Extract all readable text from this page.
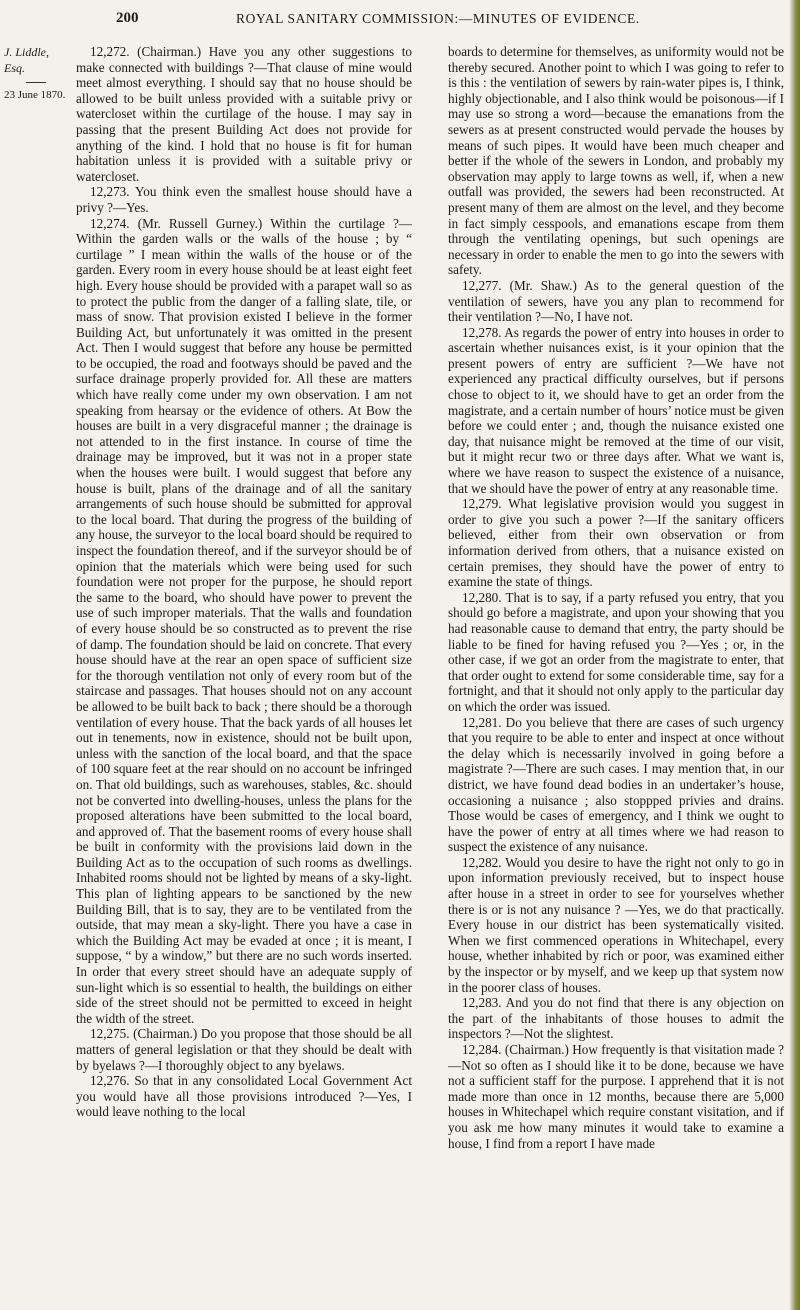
200	ROYAL SANITARY COMMISSION:—MINUTES OF EVIDENCE.
J. Liddle, Esq.
23 June 1870.

12,272. (Chairman.) Have you any other suggestions to make connected with buildings ?—That clause of mine would meet almost everything. I should say that no house should be allowed to be built unless provided with a suitable privy or watercloset within the curtilage of the house. I may say in passing that the present Building Act does not provide for anything of the kind. I hold that no house is fit for human habitation unless it is provided with a suitable privy or watercloset.

12,273. You think even the smallest house should have a privy ?—Yes.

12,274. (Mr. Russell Gurney.) Within the curtilage ?—Within the garden walls or the walls of the house ; by “ curtilage ” I mean within the walls of the house or of the garden. Every room in every house should be at least eight feet high. Every house should be provided with a parapet wall so as to protect the public from the danger of a falling slate, tile, or mass of snow. That provision existed I believe in the former Building Act, but unfortunately it was omitted in the present Act. Then I would suggest that before any house be permitted to be occupied, the road and footways should be paved and the surface drainage properly provided for. All these are matters which have really come under my own observation. I am not speaking from hearsay or the evidence of others. At Bow the houses are built in a very disgraceful manner ; the drainage is not attended to in the first instance. In course of time the drainage may be improved, but it was not in a proper state when the houses were built. I would suggest that before any house is built, plans of the drainage and of all the sanitary arrangements of such house should be submitted for approval to the local board. That during the progress of the building of any house, the surveyor to the local board should be required to inspect the foundation thereof, and if the surveyor should be of opinion that the materials which were being used for such foundation were not proper for the purpose, he should report the same to the board, who should have power to prevent the use of such improper materials. That the walls and foundation of every house should be so constructed as to prevent the rise of damp. The foundation should be laid on concrete. That every house should have at the rear an open space of sufficient size for the thorough ventilation not only of every room but of the staircase and passages. That houses should not on any account be allowed to be built back to back ; there should be a thorough ventilation of every house. That the back yards of all houses let out in tenements, now in existence, should not be built upon, unless with the sanction of the local board, and that the space of 100 square feet at the rear should on no account be infringed on. That old buildings, such as warehouses, stables, &c. should not be converted into dwelling-houses, unless the plans for the proposed alterations have been submitted to the local board, and approved of. That the basement rooms of every house shall be built in conformity with the provisions laid down in the Building Act as to the occupation of such rooms as dwellings. Inhabited rooms should not be lighted by means of a sky-light. This plan of lighting appears to be sanctioned by the new Building Bill, that is to say, they are to be ventilated from the outside, that may mean a sky-light. There you have a case in which the Building Act may be evaded at once ; it is meant, I suppose, “ by a window,” but there are no such words inserted. In order that every street should have an adequate supply of sun-light which is so essential to health, the buildings on either side of the street should not be permitted to exceed in height the width of the street.

12,275. (Chairman.) Do you propose that those should be all matters of general legislation or that they should be dealt with by byelaws ?—I thoroughly object to any byelaws.

12,276. So that in any consolidated Local Government Act you would have all those provisions introduced ?—Yes, I would leave nothing to the local

boards to determine for themselves, as uniformity would not be thereby secured. Another point to which I was going to refer to is this : the ventilation of sewers by rain-water pipes is, I think, highly objectionable, and I also think would be poisonous—if I may use so strong a word—because the emanations from the sewers as at present constructed would pervade the houses by means of such pipes. It would have been much cheaper and better if the whole of the sewers in London, and probably my observation may apply to large towns as well, if, when a new outfall was provided, the sewers had been reconstructed. At present many of them are almost on the level, and they become in fact simply cesspools, and emanations escape from them through the ventilating openings, but such openings are necessary in order to enable the men to go into the sewers with safety.

12,277. (Mr. Shaw.) As to the general question of the ventilation of sewers, have you any plan to recommend for their ventilation ?—No, I have not.

12,278. As regards the power of entry into houses in order to ascertain whether nuisances exist, is it your opinion that the present powers of entry are sufficient ?—We have not experienced any practical difficulty ourselves, but if persons chose to object to it, we should have to get an order from the magistrate, and a certain number of hours’ notice must be given before we could enter ; and, though the nuisance existed one day, that nuisance might be removed at the time of our visit, but it might recur two or three days after. What we want is, where we have reason to suspect the existence of a nuisance, that we should have the power of entry at any reasonable time.

12,279. What legislative provision would you suggest in order to give you such a power ?—If the sanitary officers believed, either from their own observation or from information derived from others, that a nuisance existed on certain premises, they should have the power of entry to examine the state of things.

12,280. That is to say, if a party refused you entry, that you should go before a magistrate, and upon your showing that you had reasonable cause to demand that entry, the party should be liable to be fined for having refused you ?—Yes ; or, in the other case, if we got an order from the magistrate to enter, that that order ought to extend for some considerable time, say for a fortnight, and that it should not only apply to the particular day on which the order was issued.

12,281. Do you believe that there are cases of such urgency that you require to be able to enter and inspect at once without the delay which is necessarily involved in going before a magistrate ?—There are such cases. I may mention that, in our district, we have found dead bodies in an undertaker’s house, occasioning a nuisance ; also stoppped privies and drains. Those would be cases of emergency, and I think we ought to have the power of entry at all times where we had reason to suspect the existence of any nuisance.

12,282. Would you desire to have the right not only to go in upon information previously received, but to inspect house after house in a street in order to see for yourselves whether there is or is not any nuisance ? —Yes, we do that practically. Every house in our district has been systematically visited. When we first commenced operations in Whitechapel, every house, whether inhabited by rich or poor, was examined either by the inspector or by myself, and we keep up that system now in the poorer class of houses.

12,283. And you do not find that there is any objection on the part of the inhabitants of those houses to admit the inspectors ?—Not the slightest.

12,284. (Chairman.) How frequently is that visitation made ?—Not so often as I should like it to be done, because we have not a sufficient staff for the purpose. I apprehend that it is not made more than once in 12 months, because there are 5,000 houses in Whitechapel which require constant visitation, and if you ask me how many minutes it would take to examine a house, I find from a report I have made
